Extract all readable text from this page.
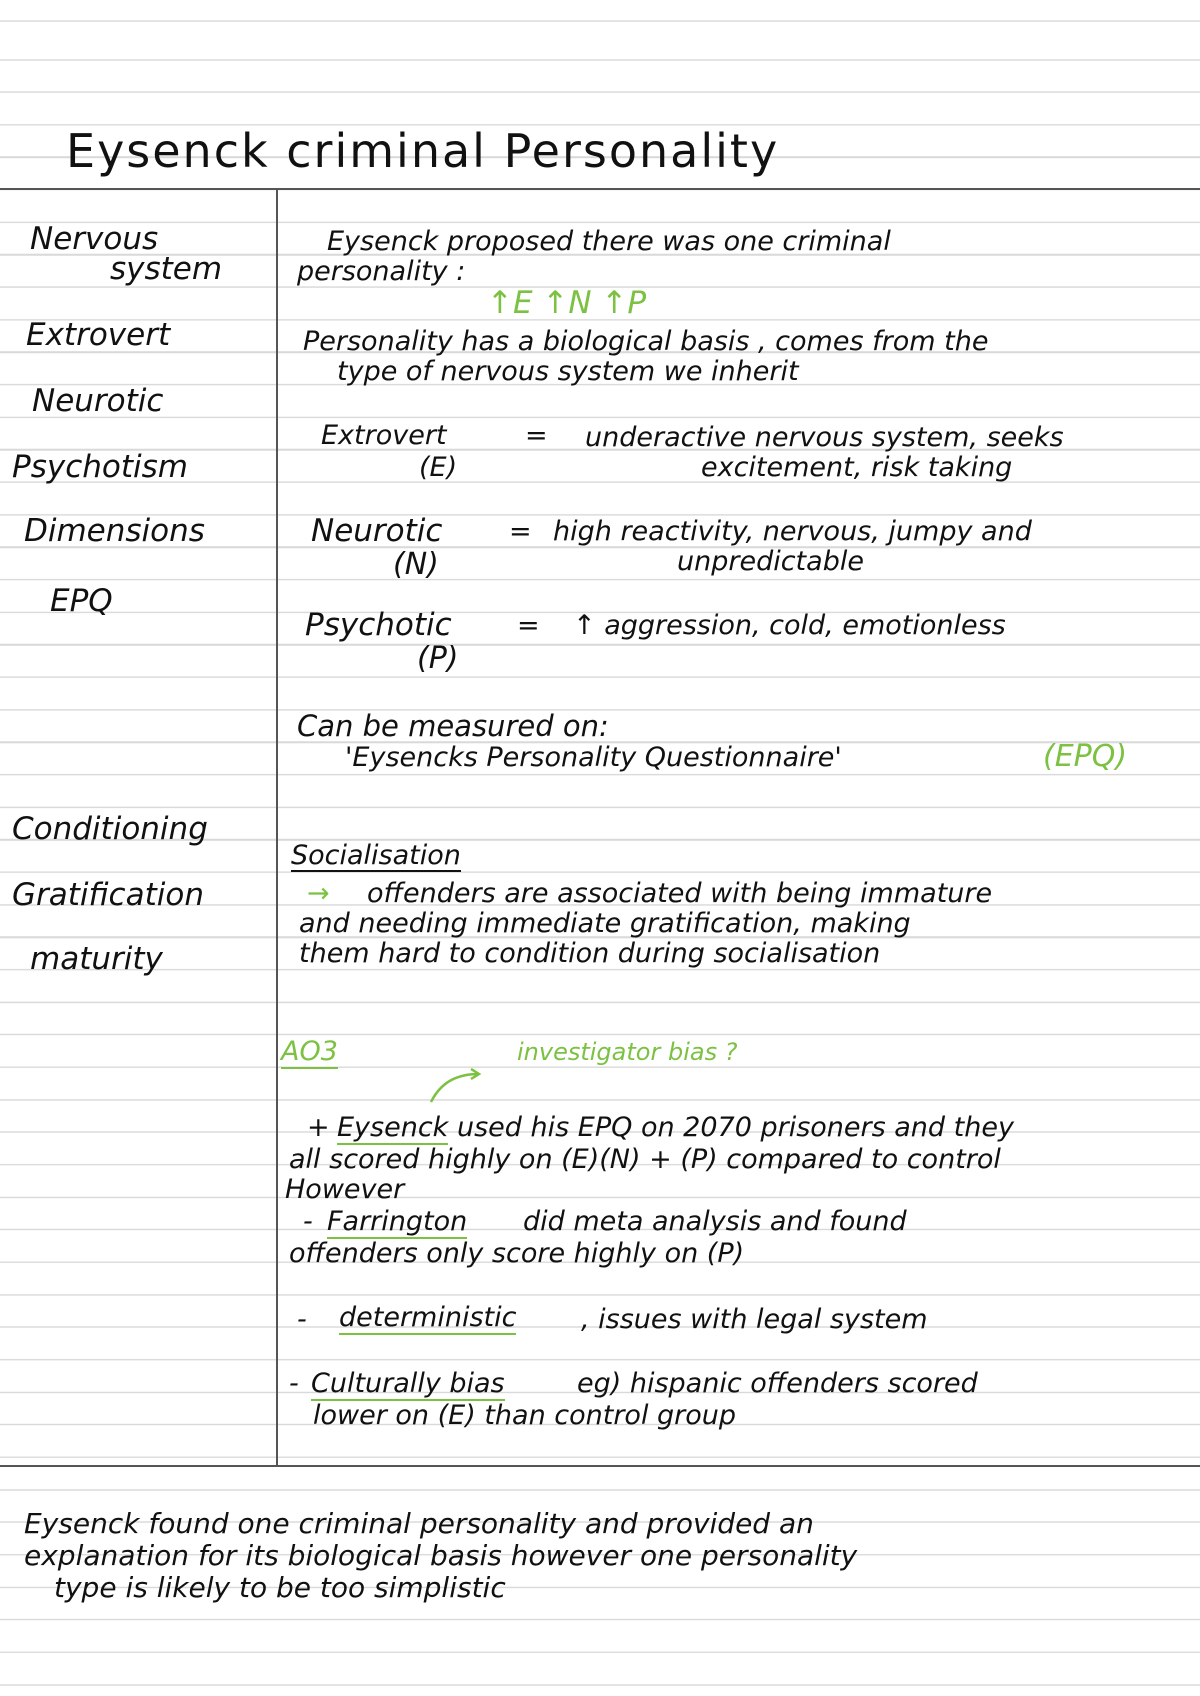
Eysenck criminal Personality
Nervous
system
Extrovert
Neurotic
Psychotism
Dimensions
EPQ
Conditioning
Gratification
maturity
Eysenck proposed there was one criminal
personality :
↑E ↑N ↑P
Personality has a biological basis , comes from the
type of nervous system we inherit
Extrovert
(E)
= underactive nervous system, seeks
excitement, risk taking
Neurotic
(N)
= high reactivity, nervous, jumpy and
unpredictable
Psychotic
(P)
= ↑ aggression, cold, emotionless
Can be measured on:
'Eysencks Personality Questionnaire'	(EPQ)
Socialisation
→ offenders are associated with being immature
and needing immediate gratification, making
them hard to condition during socialisation
AO3	investigator bias ?
+ Eysenck used his EPQ on 2070 prisoners and they
all scored highly on (E)(N) + (P) compared to control
However
- Farrington did meta analysis and found
offenders only score highly on (P)
- deterministic , issues with legal system
- Culturally bias	eg) hispanic offenders scored
lower on (E) than control group
Eysenck found one criminal personality and provided an
explanation for its biological basis however one personality
type is likely to be too simplistic
